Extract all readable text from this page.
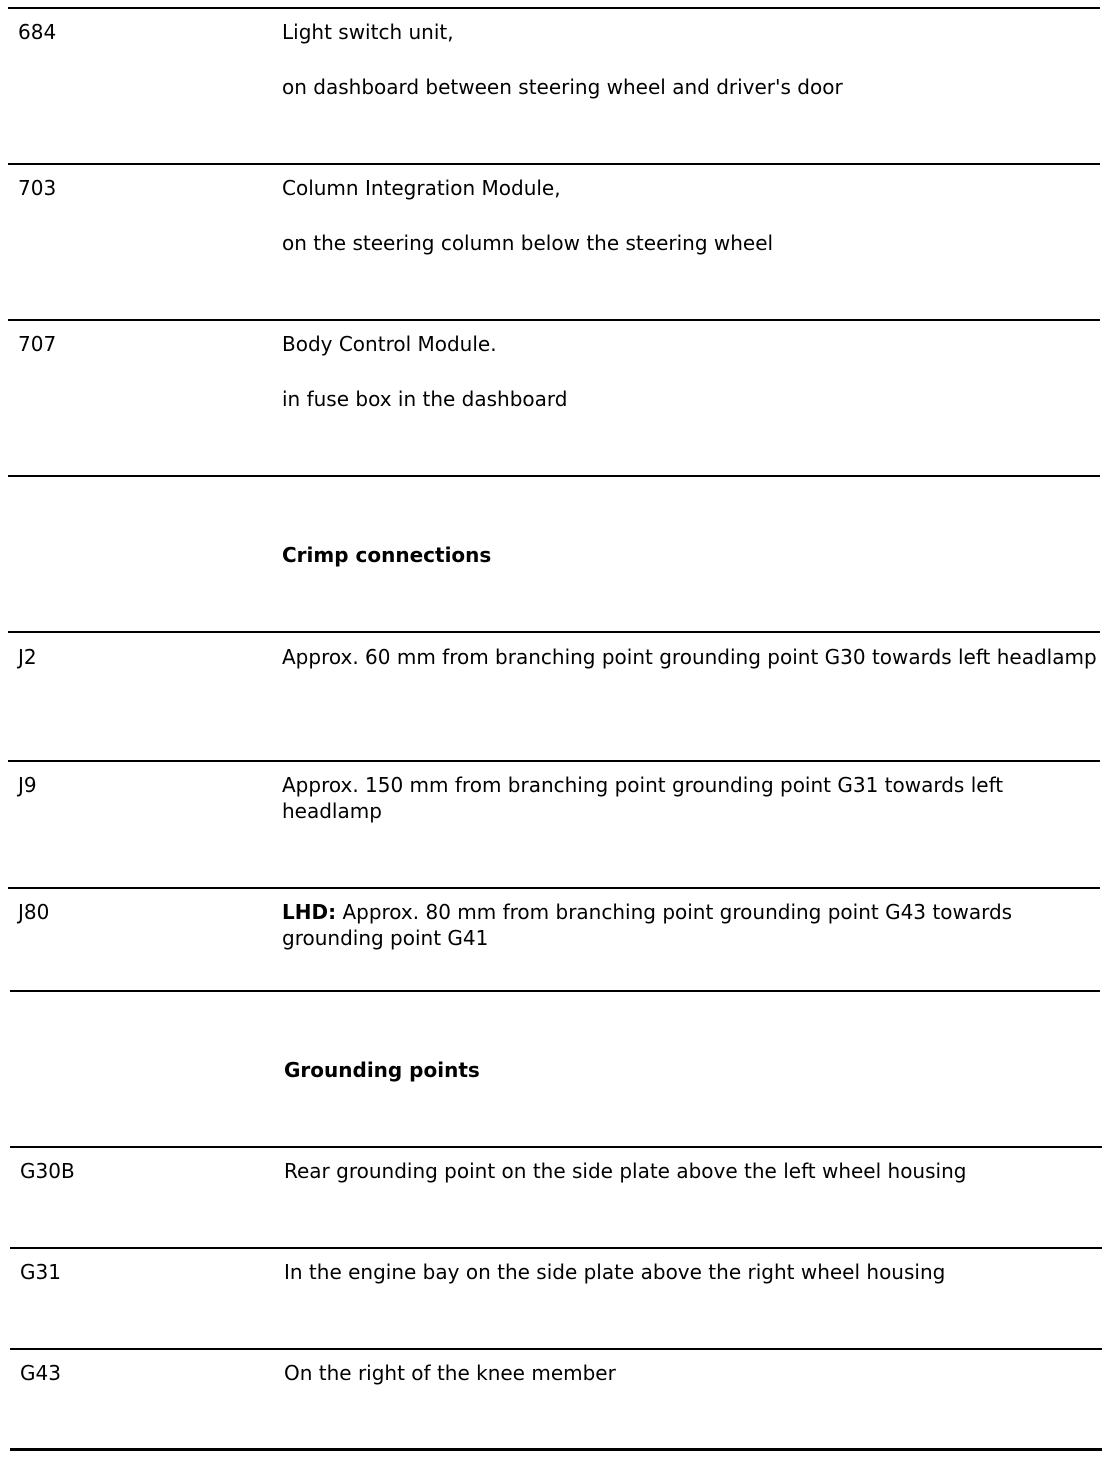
684	Light switch unit,
on dashboard between steering wheel and driver's door
703	Column Integration Module,
on the steering column below the steering wheel
707	Body Control Module.
in fuse box in the dashboard
Crimp connections
J2	Approx. 60 mm from branching point grounding point G30 towards left headlamp
J9	Approx. 150 mm from branching point grounding point G31 towards left headlamp
J80	LHD: Approx. 80 mm from branching point grounding point G43 towards grounding point G41
Grounding points
G30B	Rear grounding point on the side plate above the left wheel housing
G31	In the engine bay on the side plate above the right wheel housing
G43	On the right of the knee member
